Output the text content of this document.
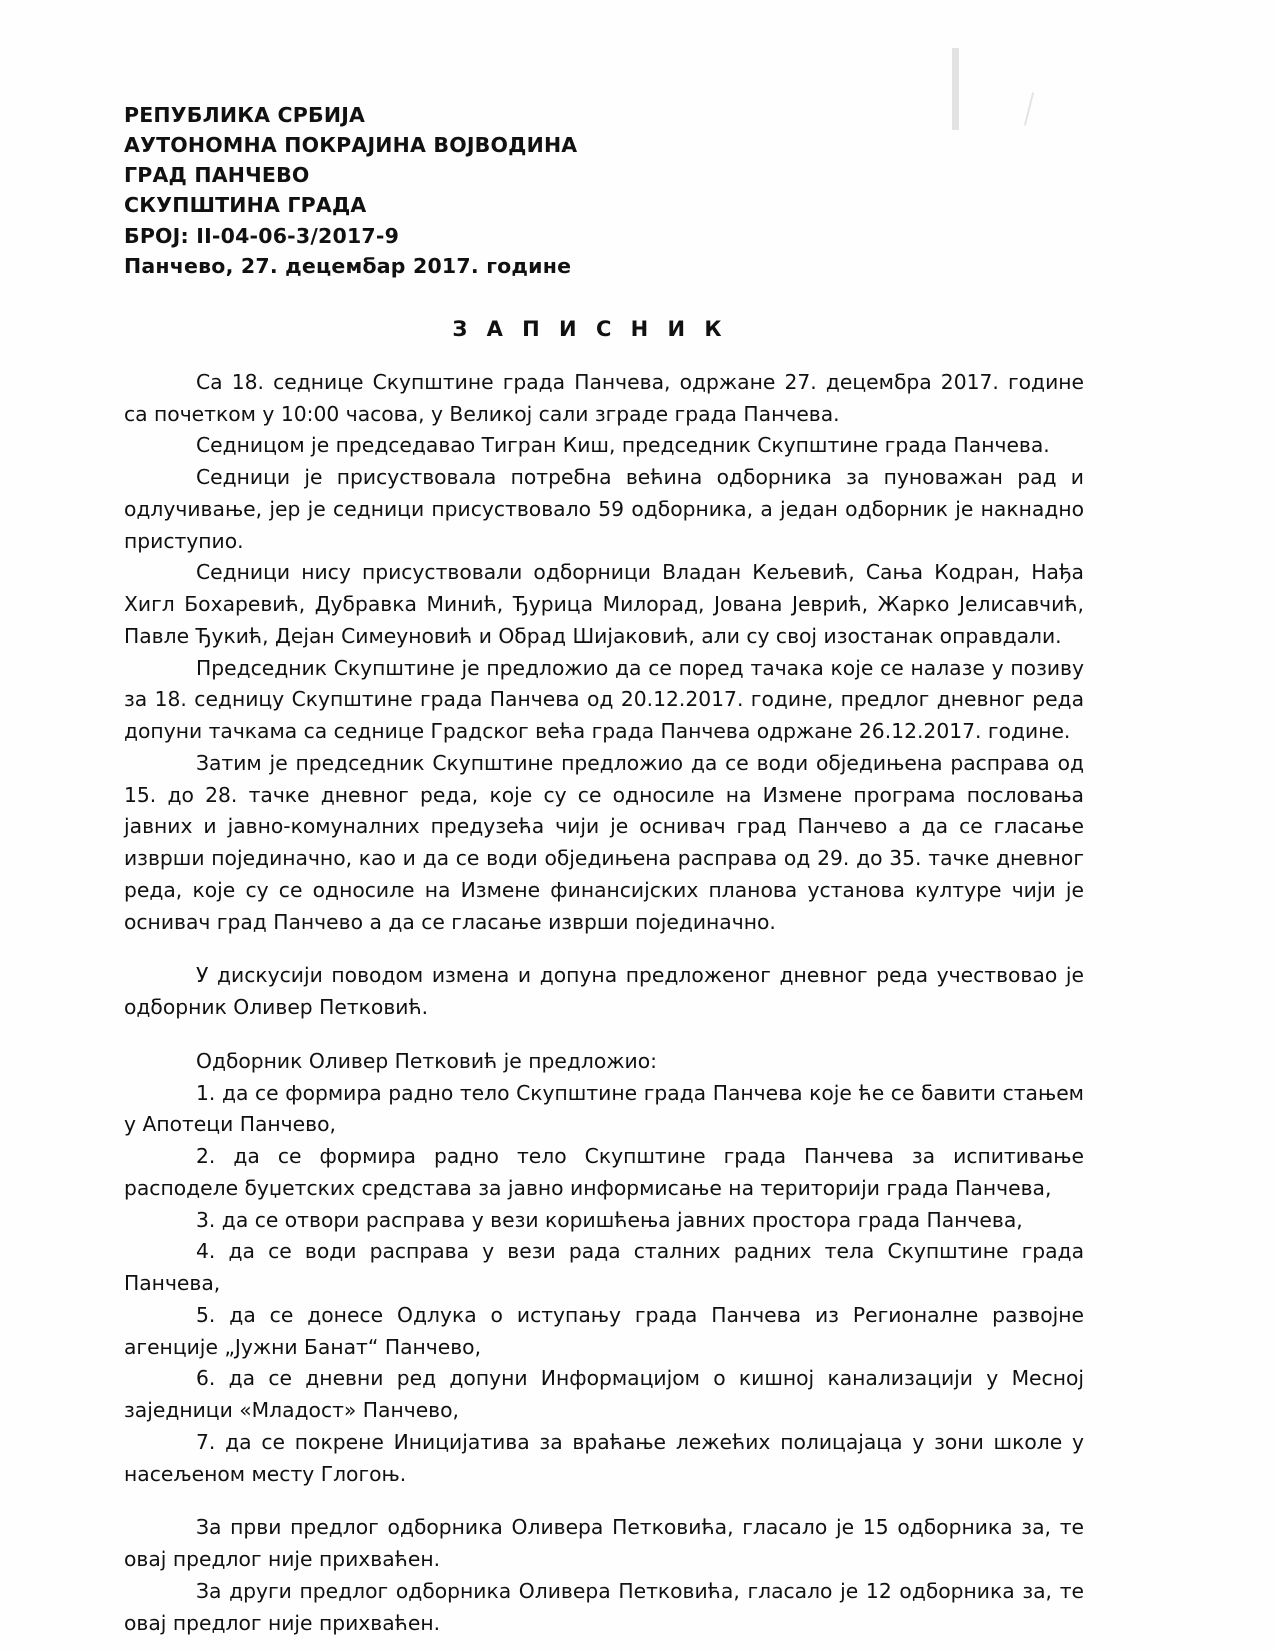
РЕПУБЛИКА СРБИЈА
АУТОНОМНА ПОКРАЈИНА ВОЈВОДИНА
ГРАД ПАНЧЕВО
СКУПШТИНА ГРАДА
БРОЈ: II-04-06-3/2017-9
Панчево, 27. децембар 2017. године
З А П И С Н И К

Са 18. седнице Скупштине града Панчева, одржане 27. децембра 2017. године са почетком у 10:00 часова, у Великој сали зграде града Панчева.

Седницом је председавао Тигран Киш, председник Скупштине града Панчева.

Седници је присуствовала потребна већина одборника за пуноважан рад и одлучивање, јер је седници присуствовало 59 одборника, а један одборник је накнадно приступио.

Седници нису присуствовали одборници Владан Кељевић, Сања Кодран, Нађа Хигл Бохаревић, Дубравка Минић, Ђурица Милорад, Јована Јеврић, Жарко Јелисавчић, Павле Ђукић, Дејан Симеуновић и Обрад Шијаковић, али су свој изостанак оправдали.

Председник Скупштине је предложио да се поред тачака које се налазе у позиву за 18. седницу Скупштине града Панчева од 20.12.2017. године, предлог дневног реда допуни тачкама са седнице Градског већа града Панчева одржане 26.12.2017. године.

Затим је председник Скупштине предложио да се води обједињена расправа од 15. до 28. тачке дневног реда, које су се односиле на Измене програма пословања јавних и јавно-комуналних предузећа чији је оснивач град Панчево а да се гласање изврши појединачно, као и да се води обједињена расправа од 29. до 35. тачке дневног реда, које су се односиле на Измене финансијских планова установа културе чији је оснивач град Панчево а да се гласање изврши појединачно.

У дискусији поводом измена и допуна предложеног дневног реда учествовао је одборник Оливер Петковић.

Одборник Оливер Петковић је предложио:

1. да се формира радно тело Скупштине града Панчева које ће се бавити стањем у Апотеци Панчево,

2. да се формира радно тело Скупштине града Панчева за испитивање расподеле буџетских средстава за јавно информисање на територији града Панчева,

3. да се отвори расправа у вези коришћења јавних простора града Панчева,

4. да се води расправа у вези рада сталних радних тела Скупштине града Панчева,

5. да се донесе Одлука о иступању града Панчева из Регионалне развојне агенције „Јужни Банат“ Панчево,

6. да се дневни ред допуни Информацијом о кишној канализацији у Месној заједници «Младост» Панчево,

7. да се покрене Иницијатива за враћање лежећих полицајаца у зони школе у насељеном месту Глогоњ.

За први предлог одборника Оливера Петковића, гласало је 15 одборника за, те овај предлог није прихваћен.

За други предлог одборника Оливера Петковића, гласало је 12 одборника за, те овај предлог није прихваћен.
